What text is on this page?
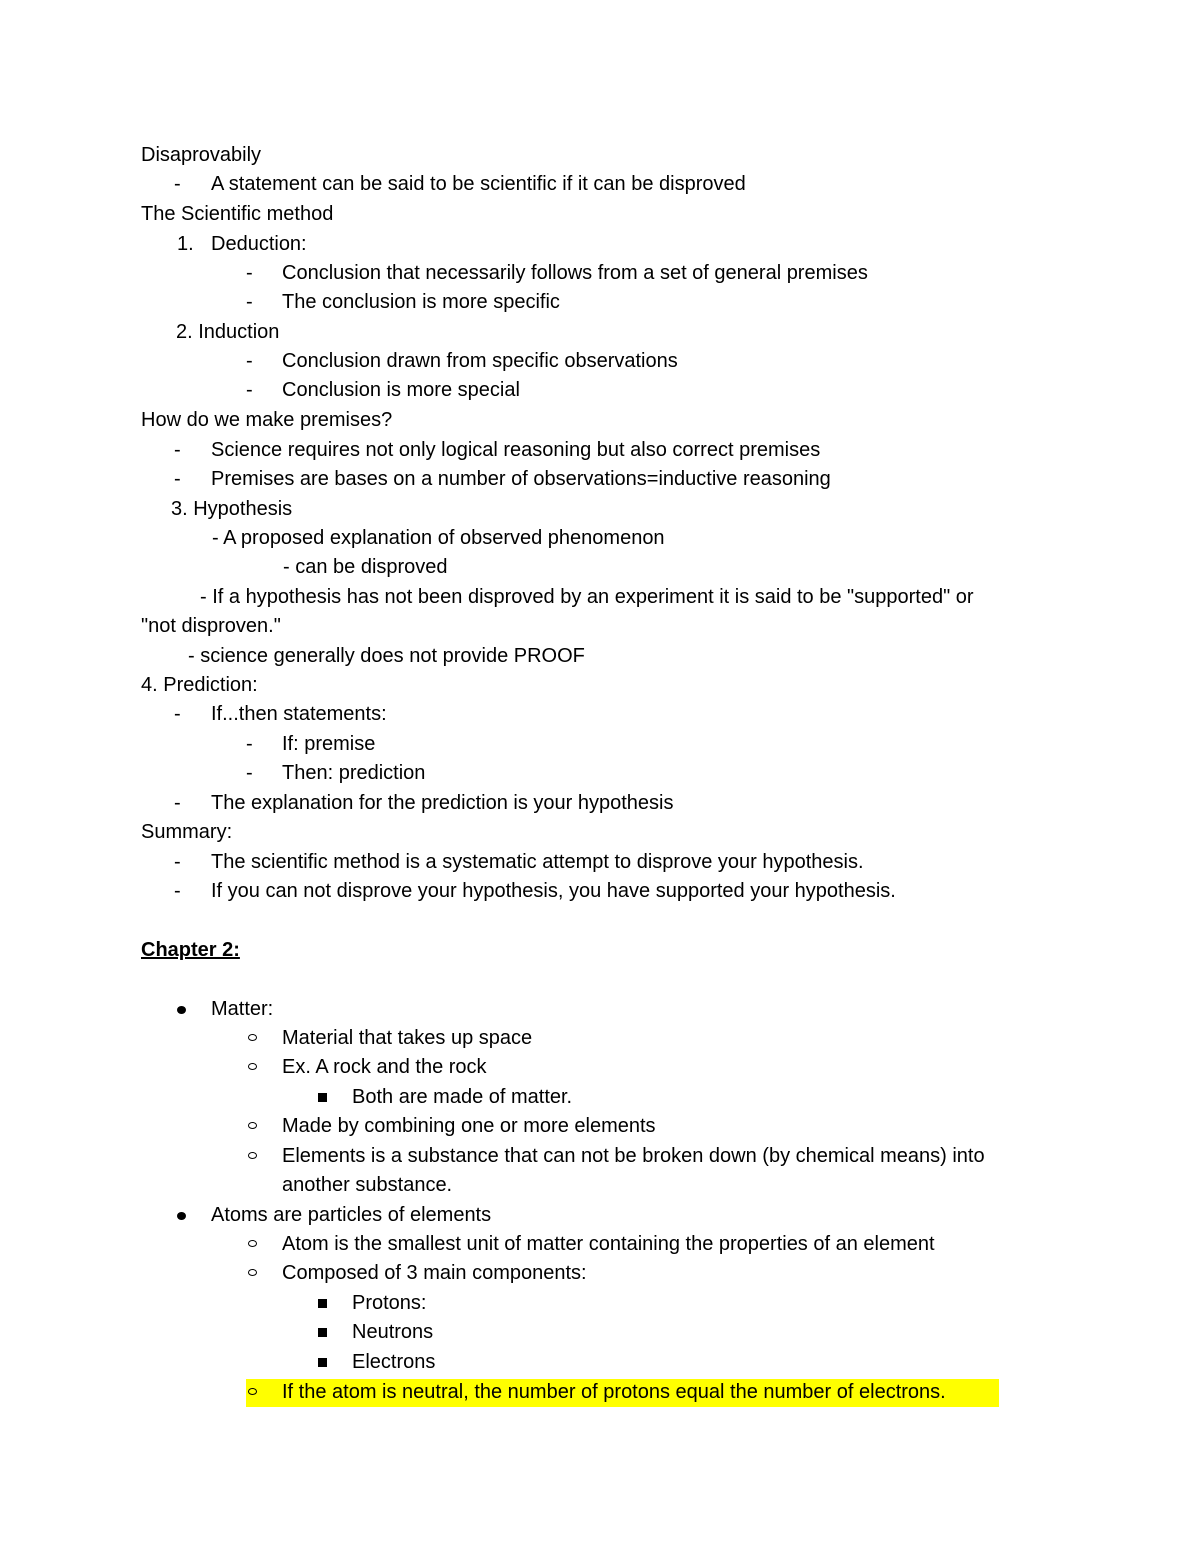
Disaprovabily
- A statement can be said to be scientific if it can be disproved
The Scientific method
1. Deduction:
- Conclusion that necessarily follows from a set of general premises
- The conclusion is more specific
2. Induction
- Conclusion drawn from specific observations
- Conclusion is more special
How do we make premises?
- Science requires not only logical reasoning but also correct premises
- Premises are bases on a number of observations=inductive reasoning
3. Hypothesis
- A proposed explanation of observed phenomenon
- can be disproved
- If a hypothesis has not been disproved by an experiment it is said to be "supported" or
"not disproven."
- science generally does not provide PROOF
4. Prediction:
- If...then statements:
- If: premise
- Then: prediction
- The explanation for the prediction is your hypothesis
Summary:
- The scientific method is a systematic attempt to disprove your hypothesis.
- If you can not disprove your hypothesis, you have supported your hypothesis.
Chapter 2:
Matter:
Material that takes up space
Ex. A rock and the rock
Both are made of matter.
Made by combining one or more elements
Elements is a substance that can not be broken down (by chemical means) into
another substance.
Atoms are particles of elements
Atom is the smallest unit of matter containing the properties of an element
Composed of 3 main components:
Protons:
Neutrons
Electrons
If the atom is neutral, the number of protons equal the number of electrons.
